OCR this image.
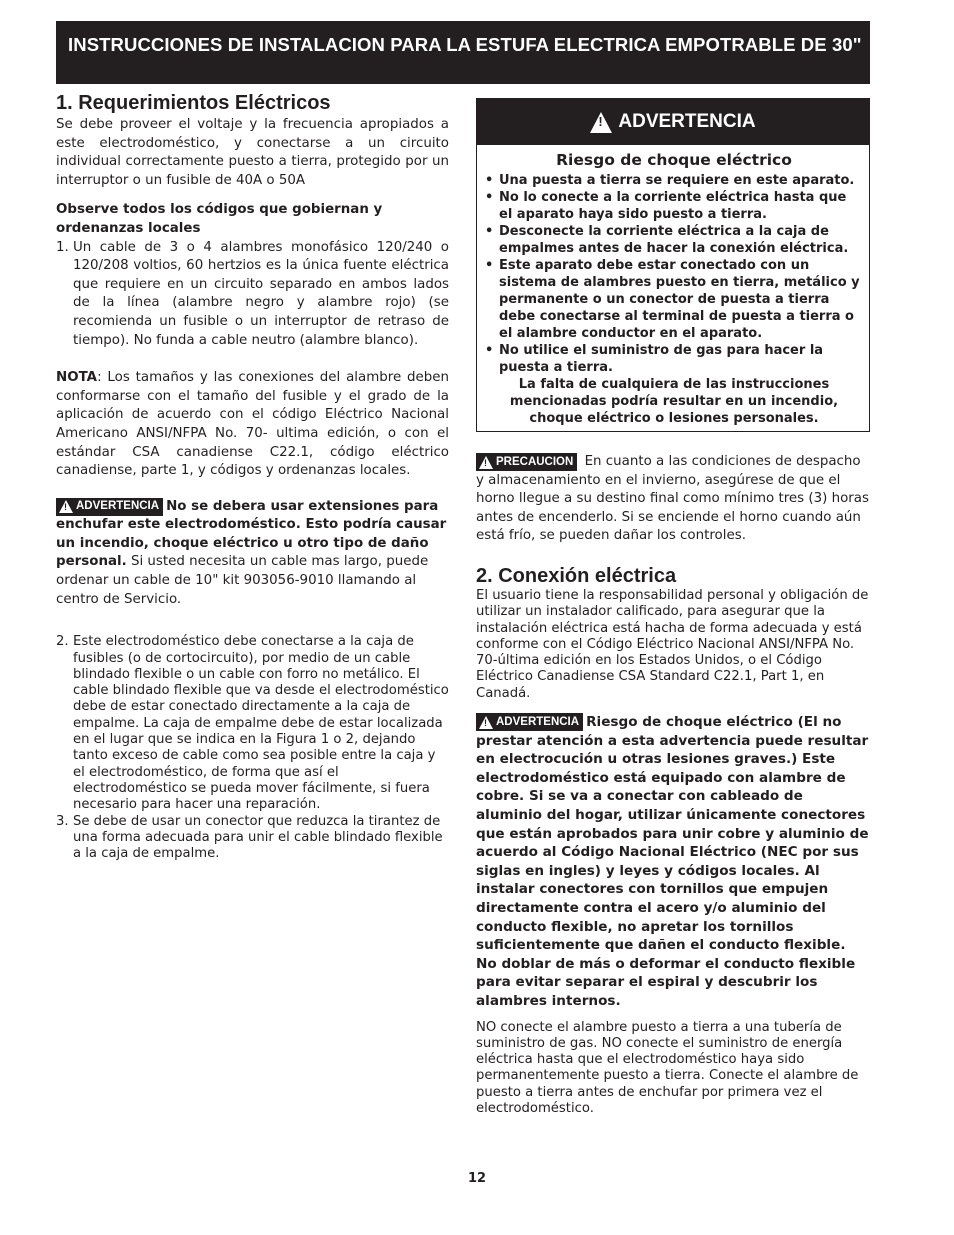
INSTRUCCIONES DE INSTALACION PARA LA ESTUFA ELECTRICA EMPOTRABLE DE 30"
1. Requerimientos Eléctricos

Se debe proveer el voltaje y la frecuencia apropiados a este electrodoméstico, y conectarse a un circuito individual correctamente puesto a tierra, protegido por un interruptor o un fusible de 40A o 50A

Observe todos los códigos que gobiernan y ordenanzas locales

1. Un cable de 3 o 4 alambres monofásico 120/240 o 120/208 voltios, 60 hertzios es la única fuente eléctrica que requiere en un circuito separado en ambos lados de la línea (alambre negro y alambre rojo) (se recomienda un fusible o un interruptor de retraso de tiempo). No funda a cable neutro (alambre blanco).

NOTA: Los tamaños y las conexiones del alambre deben conformarse con el tamaño del fusible y el grado de la aplicación de acuerdo con el código Eléctrico Nacional Americano ANSI/NFPA No. 70- ultima edición, o con el estándar CSA canadiense C22.1, código eléctrico canadiense, parte 1, y códigos y ordenanzas locales.

! ADVERTENCIA No se debera usar extensiones para enchufar este electrodoméstico. Esto podría causar un incendio, choque eléctrico u otro tipo de daño personal. Si usted necesita un cable mas largo, puede ordenar un cable de 10" kit 903056-9010 llamando al centro de Servicio.

2. Este electrodoméstico debe conectarse a la caja de fusibles (o de cortocircuito), por medio de un cable blindado flexible o un cable con forro no metálico. El cable blindado flexible que va desde el electrodoméstico debe de estar conectado directamente a la caja de empalme. La caja de empalme debe de estar localizada en el lugar que se indica en la Figura 1 o 2, dejando tanto exceso de cable como sea posible entre la caja y el electrodoméstico, de forma que así el electrodoméstico se pueda mover fácilmente, si fuera necesario para hacer una reparación.
3. Se debe de usar un conector que reduzca la tirantez de una forma adecuada para unir el cable blindado flexible a la caja de empalme.
! ADVERTENCIA
Riesgo de choque eléctrico
• Una puesta a tierra se requiere en este aparato.
• No lo conecte a la corriente eléctrica hasta que el aparato haya sido puesto a tierra.
• Desconecte la corriente eléctrica a la caja de empalmes antes de hacer la conexión eléctrica.
• Este aparato debe estar conectado con un sistema de alambres puesto en tierra, metálico y permanente o un conector de puesta a tierra debe conectarse al terminal de puesta a tierra o el alambre conductor en el aparato.
• No utilice el suministro de gas para hacer la puesta a tierra.
La falta de cualquiera de las instrucciones mencionadas podría resultar en un incendio, choque eléctrico o lesiones personales.

! PRECAUCION En cuanto a las condiciones de despacho y almacenamiento en el invierno, asegúrese de que el horno llegue a su destino final como mínimo tres (3) horas antes de encenderlo. Si se enciende el horno cuando aún está frío, se pueden dañar los controles.

2. Conexión eléctrica

El usuario tiene la responsabilidad personal y obligación de utilizar un instalador calificado, para asegurar que la instalación eléctrica está hacha de forma adecuada y está conforme con el Código Eléctrico Nacional ANSI/NFPA No. 70-última edición en los Estados Unidos, o el Código Eléctrico Canadiense CSA Standard C22.1, Part 1, en Canadá.

! ADVERTENCIA Riesgo de choque eléctrico (El no prestar atención a esta advertencia puede resultar en electrocución u otras lesiones graves.) Este electrodoméstico está equipado con alambre de cobre. Si se va a conectar con cableado de aluminio del hogar, utilizar únicamente conectores que están aprobados para unir cobre y aluminio de acuerdo al Código Nacional Eléctrico (NEC por sus siglas en ingles) y leyes y códigos locales. Al instalar conectores con tornillos que empujen directamente contra el acero y/o aluminio del conducto flexible, no apretar los tornillos suficientemente que dañen el conducto flexible. No doblar de más o deformar el conducto flexible para evitar separar el espiral y descubrir los alambres internos.

NO conecte el alambre puesto a tierra a una tubería de suministro de gas. NO conecte el suministro de energía eléctrica hasta que el electrodoméstico haya sido permanentemente puesto a tierra. Conecte el alambre de puesto a tierra antes de enchufar por primera vez el electrodoméstico.

12
